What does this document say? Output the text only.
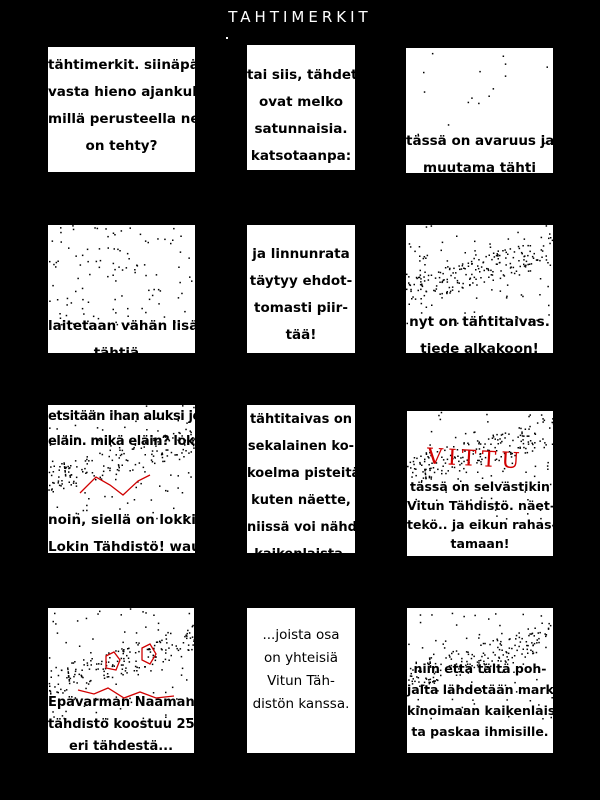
TAHTIMERKIT
tähtimerkit. siinäpä
vasta hieno ajankulu.
millä perusteella ne
on tehty?
tai siis, tähdet
ovat melko
satunnaisia.
katsotaanpa:
tässä on avaruus ja
muutama tähti
laitetaan vähän lisää
tähtiä..
ja linnunrata
täytyy ehdot-
tomasti piir-
tää!
nyt on tähtitaivas.
tiede alkakoon!
etsitään ihan aluksi joku
eläin. mikä eläin? lokki!
noin, siellä on lokki!
Lokin Tähdistö! wau!
tähtitaivas on
sekalainen ko-
koelma pisteitä.
kuten näette,
niissä voi nähdä
kaikenlaista.
VITTU
tässä on selvästikin
Vitun Tähdistö. näet-
tekö.. ja eikun rahas-
tamaan!
Epävarman Naaman
tähdistö koostuu 25
eri tähdestä...
...joista osa
on yhteisiä
Vitun Täh-
distön kanssa.
niin että tältä poh-
jalta lähdetään mark-
kinoimaan kaikenlais-
ta paskaa ihmisille.
